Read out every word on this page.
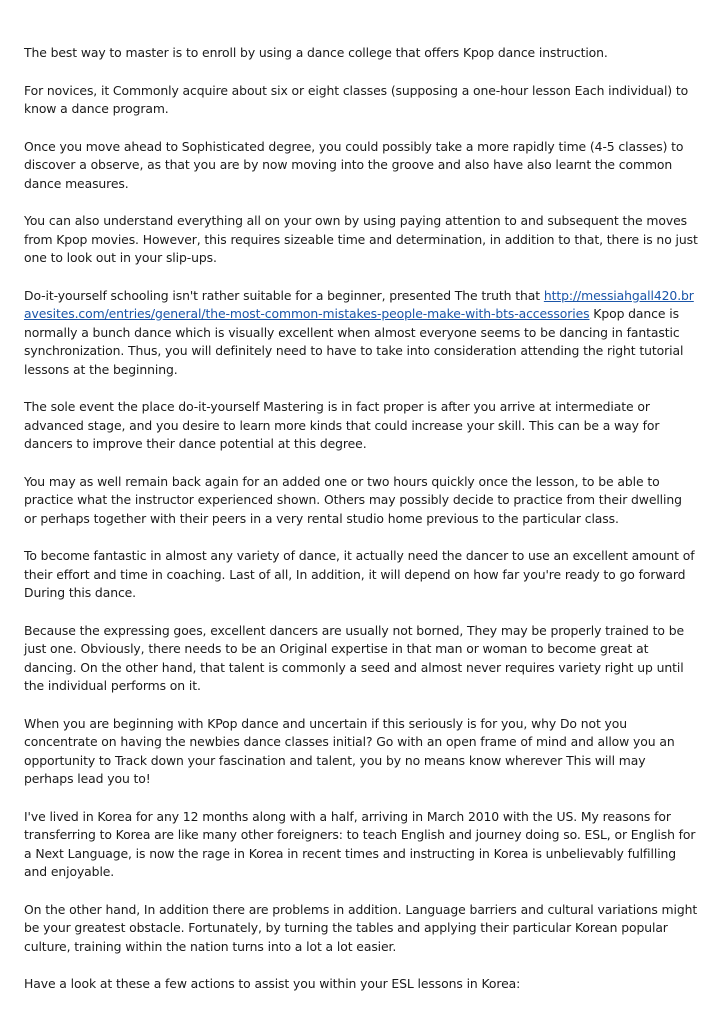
The best way to master is to enroll by using a dance college that offers Kpop dance instruction.

For novices, it Commonly acquire about six or eight classes (supposing a one-hour lesson Each individual) to know a dance program.

Once you move ahead to Sophisticated degree, you could possibly take a more rapidly time (4-5 classes) to discover a observe, as that you are by now moving into the groove and also have also learnt the common dance measures.

You can also understand everything all on your own by using paying attention to and subsequent the moves from Kpop movies. However, this requires sizeable time and determination, in addition to that, there is no just one to look out in your slip-ups.

Do-it-yourself schooling isn't rather suitable for a beginner, presented The truth that http://messiahgall420.bravesites.com/entries/general/the-most-common-mistakes-people-make-with-bts-accessories Kpop dance is normally a bunch dance which is visually excellent when almost everyone seems to be dancing in fantastic synchronization. Thus, you will definitely need to have to take into consideration attending the right tutorial lessons at the beginning.

The sole event the place do-it-yourself Mastering is in fact proper is after you arrive at intermediate or advanced stage, and you desire to learn more kinds that could increase your skill. This can be a way for dancers to improve their dance potential at this degree.

You may as well remain back again for an added one or two hours quickly once the lesson, to be able to practice what the instructor experienced shown. Others may possibly decide to practice from their dwelling or perhaps together with their peers in a very rental studio home previous to the particular class.

To become fantastic in almost any variety of dance, it actually need the dancer to use an excellent amount of their effort and time in coaching. Last of all, In addition, it will depend on how far you're ready to go forward During this dance.

Because the expressing goes, excellent dancers are usually not borned, They may be properly trained to be just one. Obviously, there needs to be an Original expertise in that man or woman to become great at dancing. On the other hand, that talent is commonly a seed and almost never requires variety right up until the individual performs on it.

When you are beginning with KPop dance and uncertain if this seriously is for you, why Do not you concentrate on having the newbies dance classes initial? Go with an open frame of mind and allow you an opportunity to Track down your fascination and talent, you by no means know wherever This will may perhaps lead you to!

I've lived in Korea for any 12 months along with a half, arriving in March 2010 with the US. My reasons for transferring to Korea are like many other foreigners: to teach English and journey doing so. ESL, or English for a Next Language, is now the rage in Korea in recent times and instructing in Korea is unbelievably fulfilling and enjoyable.

On the other hand, In addition there are problems in addition. Language barriers and cultural variations might be your greatest obstacle. Fortunately, by turning the tables and applying their particular Korean popular culture, training within the nation turns into a lot a lot easier.

Have a look at these a few actions to assist you within your ESL lessons in Korea:
